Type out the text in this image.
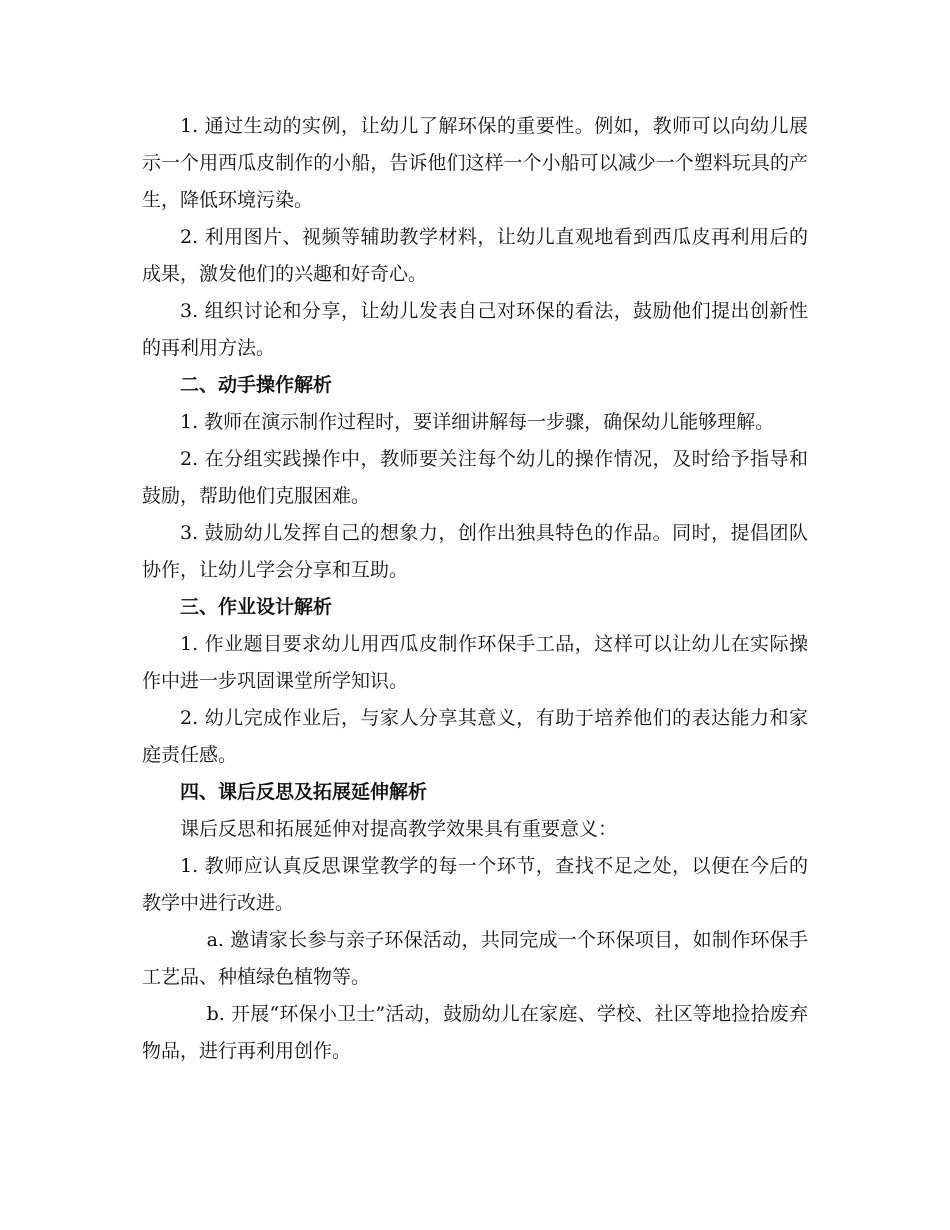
1. 通过生动的实例，让幼儿了解环保的重要性。例如，教师可以向幼儿展示一个用西瓜皮制作的小船，告诉他们这样一个小船可以减少一个塑料玩具的产生，降低环境污染。

2. 利用图片、视频等辅助教学材料，让幼儿直观地看到西瓜皮再利用后的成果，激发他们的兴趣和好奇心。

3. 组织讨论和分享，让幼儿发表自己对环保的看法，鼓励他们提出创新性的再利用方法。

二、动手操作解析

1. 教师在演示制作过程时，要详细讲解每一步骤，确保幼儿能够理解。

2. 在分组实践操作中，教师要关注每个幼儿的操作情况，及时给予指导和鼓励，帮助他们克服困难。

3. 鼓励幼儿发挥自己的想象力，创作出独具特色的作品。同时，提倡团队协作，让幼儿学会分享和互助。

三、作业设计解析

1. 作业题目要求幼儿用西瓜皮制作环保手工品，这样可以让幼儿在实际操作中进一步巩固课堂所学知识。

2. 幼儿完成作业后，与家人分享其意义，有助于培养他们的表达能力和家庭责任感。

四、课后反思及拓展延伸解析

课后反思和拓展延伸对提高教学效果具有重要意义：

1. 教师应认真反思课堂教学的每一个环节，查找不足之处，以便在今后的教学中进行改进。

a. 邀请家长参与亲子环保活动，共同完成一个环保项目，如制作环保手工艺品、种植绿色植物等。

b. 开展“环保小卫士”活动，鼓励幼儿在家庭、学校、社区等地捡拾废弃物品，进行再利用创作。
